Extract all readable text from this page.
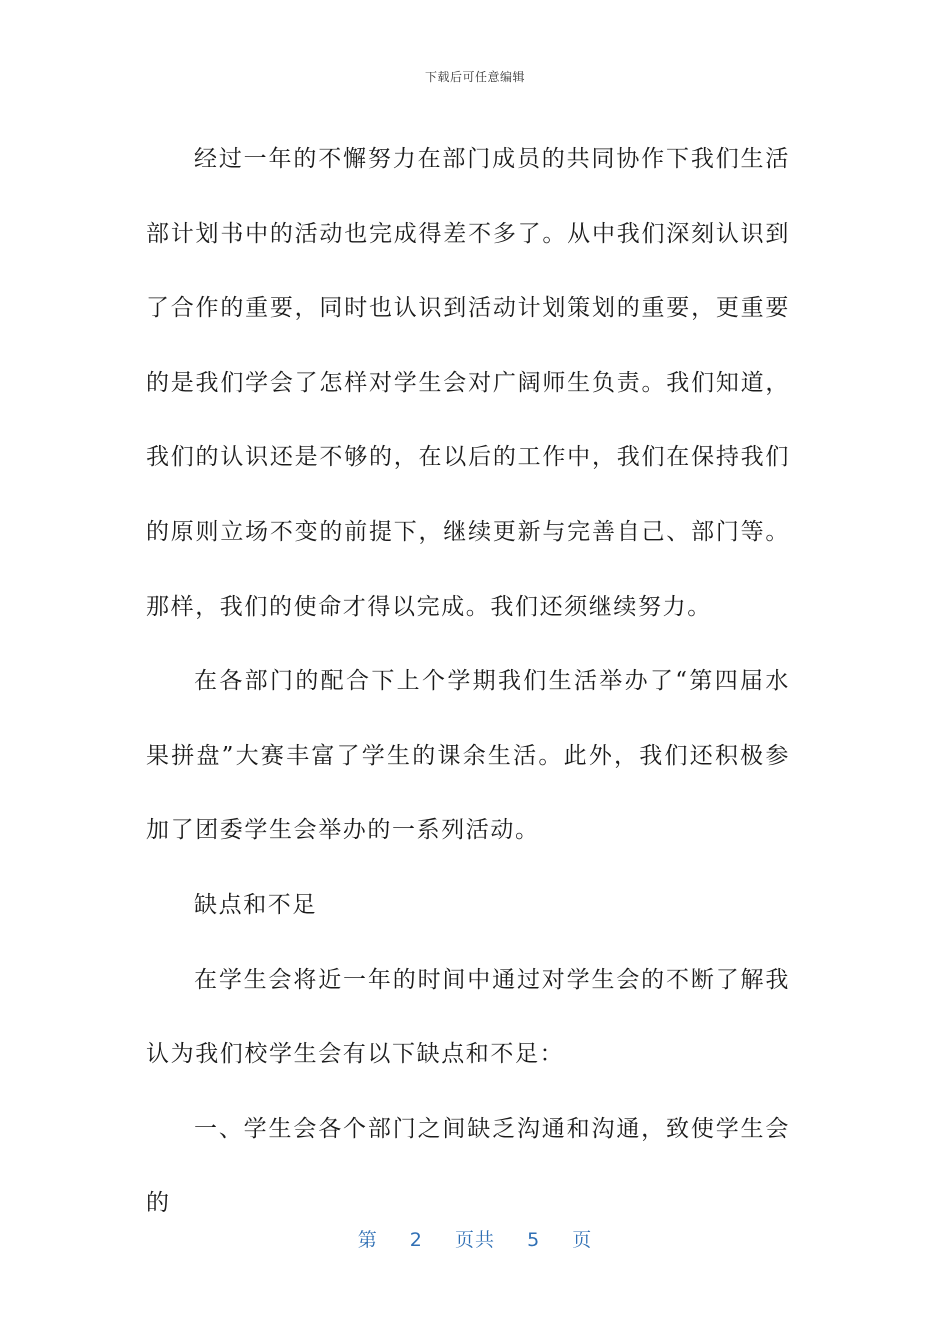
下载后可任意编辑

经过一年的不懈努力在部门成员的共同协作下我们生活部计划书中的活动也完成得差不多了。从中我们深刻认识到了合作的重要，同时也认识到活动计划策划的重要，更重要的是我们学会了怎样对学生会对广阔师生负责。我们知道，我们的认识还是不够的，在以后的工作中，我们在保持我们的原则立场不变的前提下，继续更新与完善自己、部门等。那样，我们的使命才得以完成。我们还须继续努力。

在各部门的配合下上个学期我们生活举办了“第四届水果拼盘”大赛丰富了学生的课余生活。此外，我们还积极参加了团委学生会举办的一系列活动。

缺点和不足

在学生会将近一年的时间中通过对学生会的不断了解我认为我们校学生会有以下缺点和不足：

一、学生会各个部门之间缺乏沟通和沟通，致使学生会的

第 2 页共 5 页
